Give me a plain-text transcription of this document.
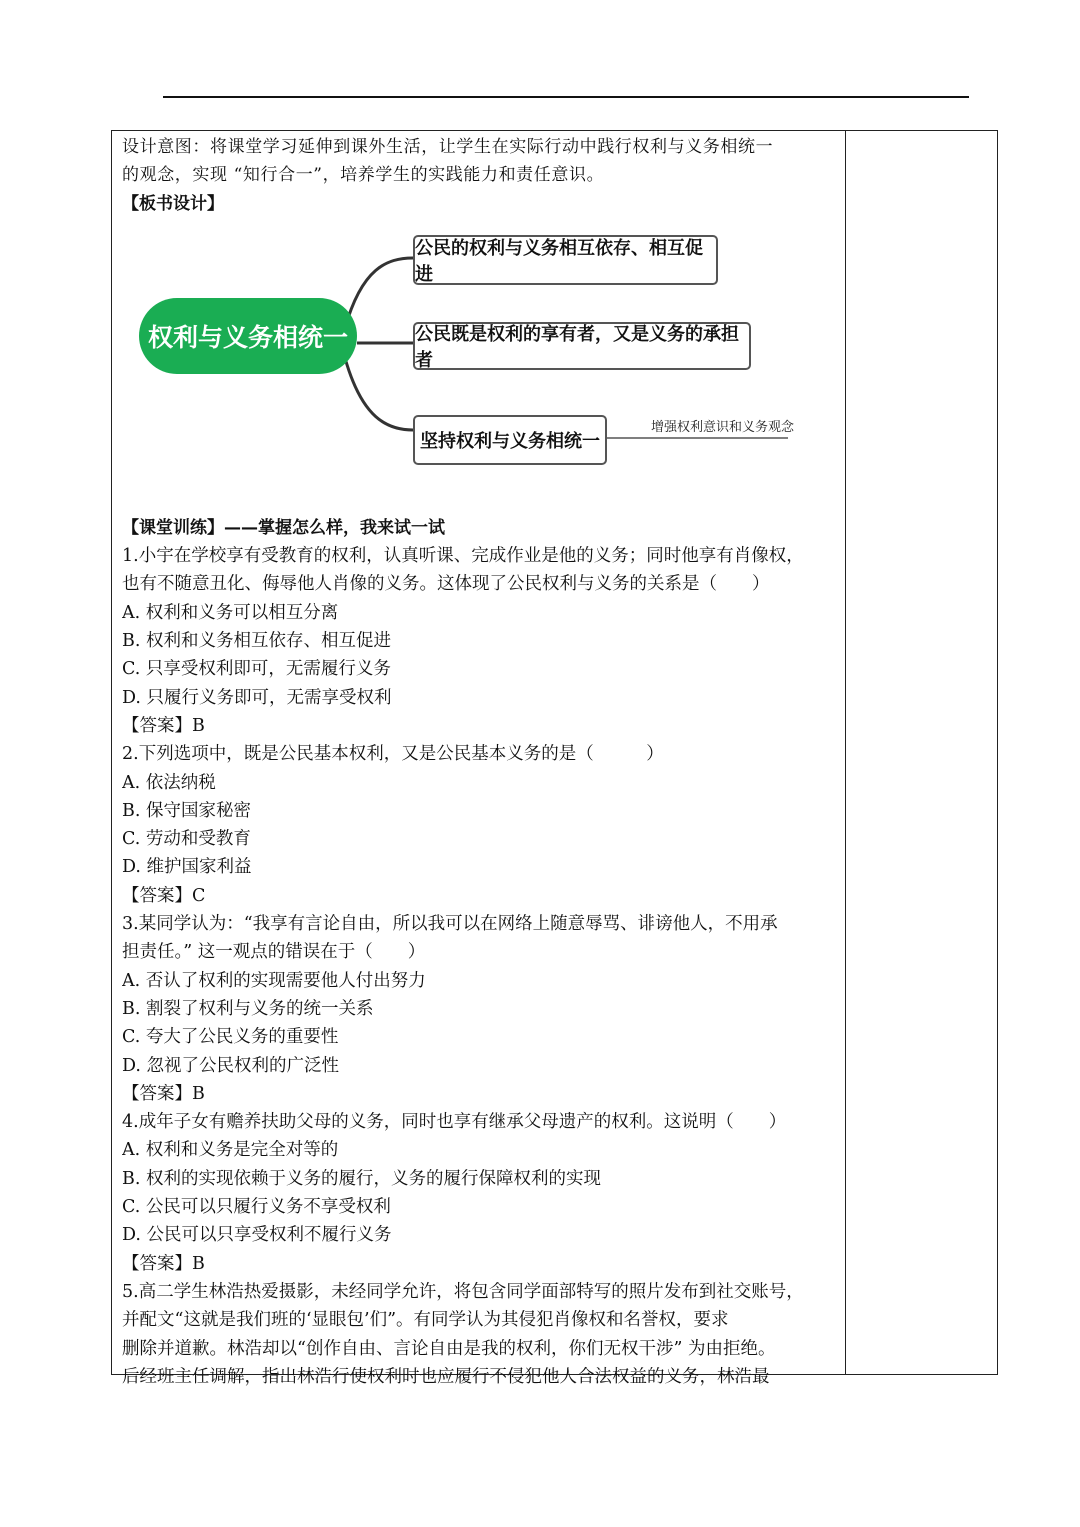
设计意图：将课堂学习延伸到课外生活，让学生在实际行动中践行权利与义务相统一
的观念，实现 “知行合一”，培养学生的实践能力和责任意识。
【板书设计】
权利与义务相统一
公民的权利与义务相互依存、相互促进
公民既是权利的享有者，又是义务的承担者
坚持权利与义务相统一
增强权利意识和义务观念
【课堂训练】——掌握怎么样，我来试一试
1.小宇在学校享有受教育的权利，认真听课、完成作业是他的义务；同时他享有肖像权，
也有不随意丑化、侮辱他人肖像的义务。这体现了公民权利与义务的关系是（　　）
A. 权利和义务可以相互分离
B. 权利和义务相互依存、相互促进
C. 只享受权利即可，无需履行义务
D. 只履行义务即可，无需享受权利
【答案】B
2.下列选项中，既是公民基本权利，又是公民基本义务的是（　　　）
A. 依法纳税
B. 保守国家秘密
C. 劳动和受教育
D. 维护国家利益
【答案】C
3.某同学认为：“我享有言论自由，所以我可以在网络上随意辱骂、诽谤他人，不用承
担责任。” 这一观点的错误在于（　　）
A. 否认了权利的实现需要他人付出努力
B. 割裂了权利与义务的统一关系
C. 夸大了公民义务的重要性
D. 忽视了公民权利的广泛性
【答案】B
4.成年子女有赡养扶助父母的义务，同时也享有继承父母遗产的权利。这说明（　　）
A. 权利和义务是完全对等的
B. 权利的实现依赖于义务的履行，义务的履行保障权利的实现
C. 公民可以只履行义务不享受权利
D. 公民可以只享受权利不履行义务
【答案】B
5.高二学生林浩热爱摄影，未经同学允许，将包含同学面部特写的照片发布到社交账号，
并配文“这就是我们班的‘显眼包’们”。有同学认为其侵犯肖像权和名誉权，要求
删除并道歉。林浩却以“创作自由、言论自由是我的权利，你们无权干涉” 为由拒绝。
后经班主任调解，指出林浩行使权利时也应履行不侵犯他人合法权益的义务，林浩最
